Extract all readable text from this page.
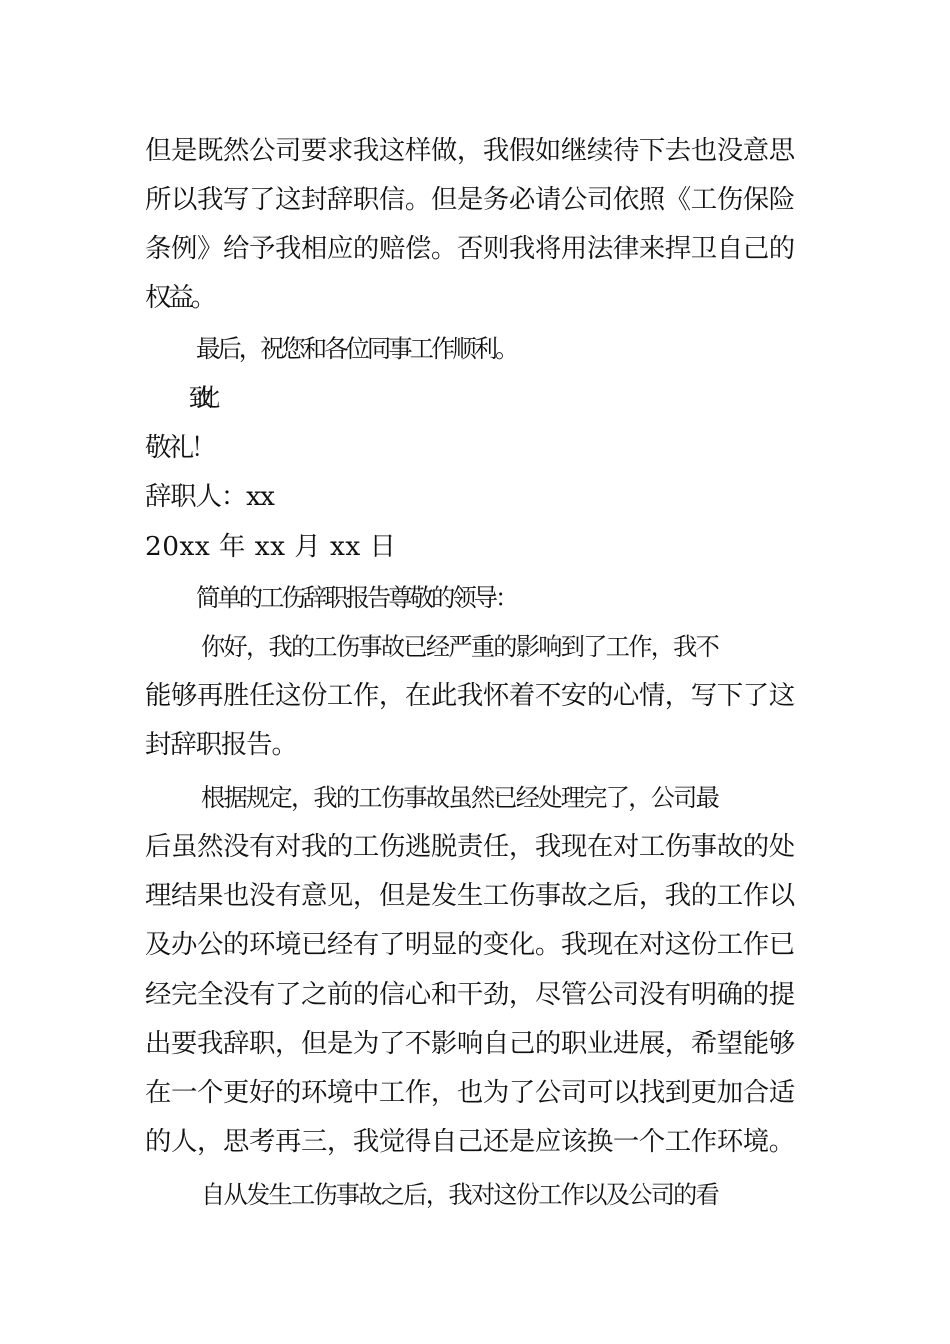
但是既然公司要求我这样做，我假如继续待下去也没意思
所以我写了这封辞职信。但是务必请公司依照《工伤保险
条例》给予我相应的赔偿。否则我将用法律来捍卫自己的
权益。
最后，祝您和各位同事工作顺利。
敬礼！
辞职人：xx
20xx 年 xx 月 xx 日
简单的工伤辞职报告尊敬的领导：
你好，我的工伤事故已经严重的影响到了工作，我不
能够再胜任这份工作，在此我怀着不安的心情，写下了这
封辞职报告。
根据规定，我的工伤事故虽然已经处理完了，公司最
后虽然没有对我的工伤逃脱责任，我现在对工伤事故的处
理结果也没有意见，但是发生工伤事故之后，我的工作以
及办公的环境已经有了明显的变化。我现在对这份工作已
经完全没有了之前的信心和干劲，尽管公司没有明确的提
出要我辞职，但是为了不影响自己的职业进展，希望能够
在一个更好的环境中工作，也为了公司可以找到更加合适
的人，思考再三，我觉得自己还是应该换一个工作环境。
自从发生工伤事故之后，我对这份工作以及公司的看
